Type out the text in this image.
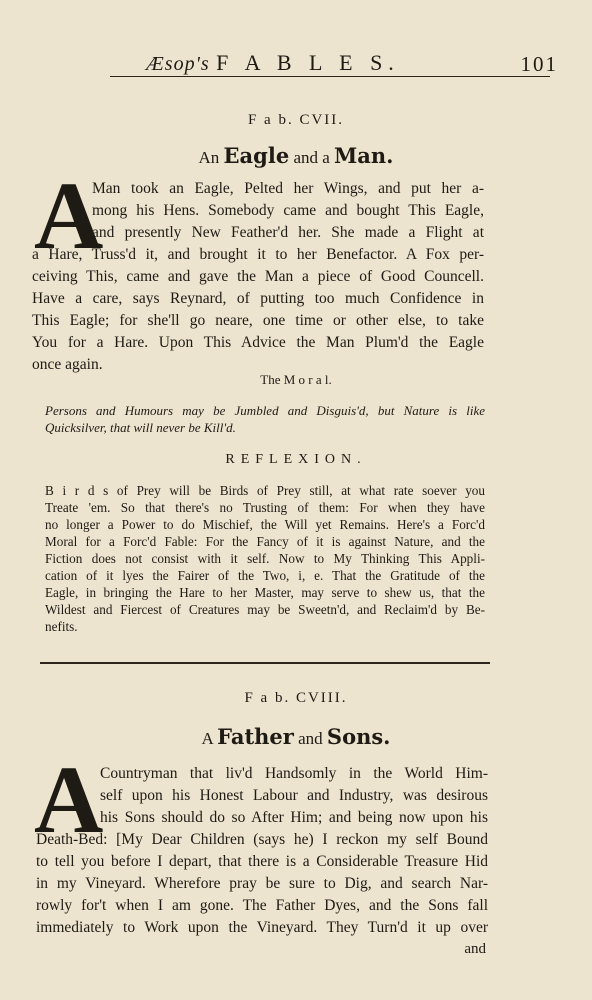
Æsop's F A B L E S.	101
F a b. CVII.
An Eagle and a Man.
A
Man took an Eagle, Pelted her Wings, and put her a-
mong his Hens. Somebody came and bought This Eagle,
and presently New Feather'd her. She made a Flight at
a Hare, Truss'd it, and brought it to her Benefactor. A Fox per-
ceiving This, came and gave the Man a piece of Good Councell.
Have a care, says Reynard, of putting too much Confidence in
This Eagle; for she'll go neare, one time or other else, to take
You for a Hare. Upon This Advice the Man Plum'd the Eagle
once again.
The M o r a l.
Persons and Humours may be Jumbled and Disguis'd, but Nature is like
Quicksilver, that will never be Kill'd.
REFLEXION.
B i r d s of Prey will be Birds of Prey still, at what rate soever you
Treate 'em. So that there's no Trusting of them: For when they have
no longer a Power to do Mischief, the Will yet Remains. Here's a Forc'd
Moral for a Forc'd Fable: For the Fancy of it is against Nature, and the
Fiction does not consist with it self. Now to My Thinking This Appli-
cation of it lyes the Fairer of the Two, i, e. That the Gratitude of the
Eagle, in bringing the Hare to her Master, may serve to shew us, that the
Wildest and Fiercest of Creatures may be Sweetn'd, and Reclaim'd by Be-
nefits.
F a b. CVIII.
A Father and Sons.
A
Countryman that liv'd Handsomly in the World Him-
self upon his Honest Labour and Industry, was desirous
his Sons should do so After Him; and being now upon his
Death-Bed: [My Dear Children (says he) I reckon my self Bound
to tell you before I depart, that there is a Considerable Treasure Hid
in my Vineyard. Wherefore pray be sure to Dig, and search Nar-
rowly for't when I am gone. The Father Dyes, and the Sons fall
immediately to Work upon the Vineyard. They Turn'd it up over
and
